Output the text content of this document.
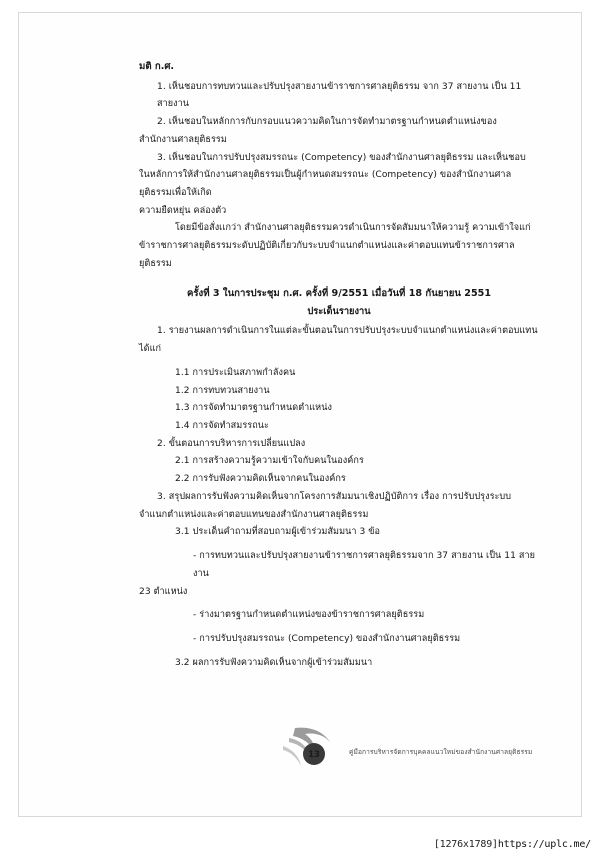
มติ ก.ศ.

1. เห็นชอบการทบทวนและปรับปรุงสายงานข้าราชการศาลยุติธรรม จาก 37 สายงาน เป็น 11 สายงาน

2. เห็นชอบในหลักการกับกรอบแนวความคิดในการจัดทำมาตรฐานกำหนดตำแหน่งของ

สำนักงานศาลยุติธรรม

3. เห็นชอบในการปรับปรุงสมรรถนะ (Competency) ของสำนักงานศาลยุติธรรม และเห็นชอบ

ในหลักการให้สำนักงานศาลยุติธรรมเป็นผู้กำหนดสมรรถนะ (Competency) ของสำนักงานศาลยุติธรรมเพื่อให้เกิด

ความยืดหยุ่น คล่องตัว

โดยมีข้อสั่งเเกว่า สำนักงานศาลยุติธรรมควรดำเนินการจัดสัมมนาให้ความรู้ ความเข้าใจแก่

ข้าราชการศาลยุติธรรมระดับปฏิบัติเกี่ยวกับระบบจำแนกตำแหน่งและค่าตอบแทนข้าราชการศาลยุติธรรม

ครั้งที่ 3 ในการประชุม ก.ศ. ครั้งที่ 9/2551 เมื่อวันที่ 18 กันยายน 2551

ประเด็นรายงาน

1. รายงานผลการดำเนินการในแต่ละขั้นตอนในการปรับปรุงระบบจำแนกตำแหน่งและค่าตอบแทน

ได้แก่

1.1 การประเมินสภาพกำลังคน

1.2 การทบทวนสายงาน

1.3 การจัดทำมาตรฐานกำหนดตำแหน่ง

1.4 การจัดทำสมรรถนะ

2. ขั้นตอนการบริหารการเปลี่ยนแปลง

2.1 การสร้างความรู้ความเข้าใจกับคนในองค์กร

2.2 การรับฟังความคิดเห็นจากคนในองค์กร

3. สรุปผลการรับฟังความคิดเห็นจากโครงการสัมมนาเชิงปฏิบัติการ เรื่อง การปรับปรุงระบบ

จำแนกตำแหน่งและค่าตอบแทนของสำนักงานศาลยุติธรรม

3.1 ประเด็นคำถามที่สอบถามผู้เข้าร่วมสัมมนา 3 ข้อ

- การทบทวนและปรับปรุงสายงานข้าราชการศาลยุติธรรมจาก 37 สายงาน เป็น 11 สายงาน

23 ตำแหน่ง

- ร่างมาตรฐานกำหนดตำแหน่งของข้าราชการศาลยุติธรรม

- การปรับปรุงสมรรถนะ (Competency) ของสำนักงานศาลยุติธรรม

3.2 ผลการรับฟังความคิดเห็นจากผู้เข้าร่วมสัมมนา

13	คู่มือการบริหารจัดการบุคคลแนวใหม่ของสำนักงานศาลยุติธรรม
[1276x1789]https://uplc.me/
